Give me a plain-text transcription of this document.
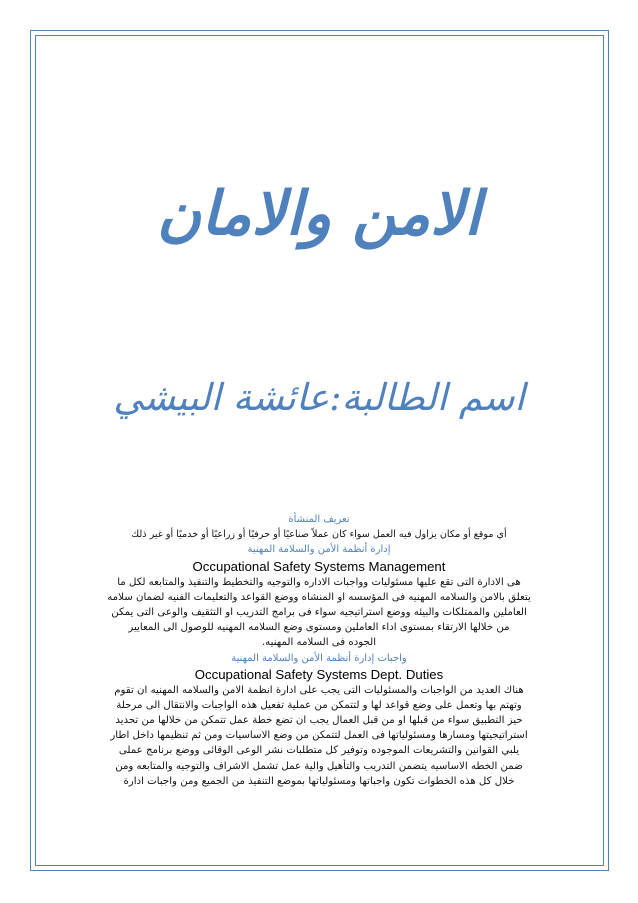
الامن والامان
اسم الطالبة:عائشة البيشي
تعريف المنشأة
أي موقع أو مكان يزاول فيه العمل سواء كان عملاً صناعيًا أو حرفيًا أو زراعيًا أو خدميًا أو غير ذلك
إدارة أنظمة الأمن والسلامة المهنية
Occupational Safety Systems Management
هى الادارة التى تقع عليها مسئوليات وواجبات الاداره والتوجيه والتخطيط والتنفيذ والمتابعه لكل ما
يتعلق بالامن والسلامه المهنيه فى المؤسسه او المنشاه ووضع القواعد والتعليمات الفنيه لضمان سلامه
العاملين والممتلكات والبيئه ووضع استراتيجيه سواء فى برامج التدريب او التثقيف والوعى التى يمكن
من خلالها الارتقاء بمستوى اداء العاملين ومستوى وضع السلامه المهنيه للوصول الى المعايير
الجوده فى السلامه المهنيه.
واجبات إدارة أنظمة الأمن والسلامة المهنية
Occupational Safety Systems Dept. Duties
هناك العديد من الواجبات والمسئوليات التى يجب على ادارة انظمة الامن والسلامه المهنيه ان تقوم
وتهتم بها وتعمل على وضع قواعد لها و لتتمكن من عملية تفعيل هذه الواجبات والانتقال الى مرحلة
حيز التطبيق سواء من قبلها او من قبل العمال يجب ان تضع خطة عمل تتمكن من خلالها من تحديد
استراتيجيتها ومسارها ومسئولياتها فى العمل لتتمكن من وضع الاساسيات ومن ثم تنظيمها داخل اطار
يلبي القوانين والتشريعات الموجوده وتوفير كل متطلبات نشر الوعى الوقائى ووضع برنامج عملى
ضمن الخطه الاساسيه يتضمن التدريب والتأهيل والية عمل تشمل الاشراف والتوجيه والمتابعه ومن
خلال كل هذه الخطوات تكون واجباتها ومسئولياتها بموضع التنفيذ من الجميع ومن واجبات ادارة
